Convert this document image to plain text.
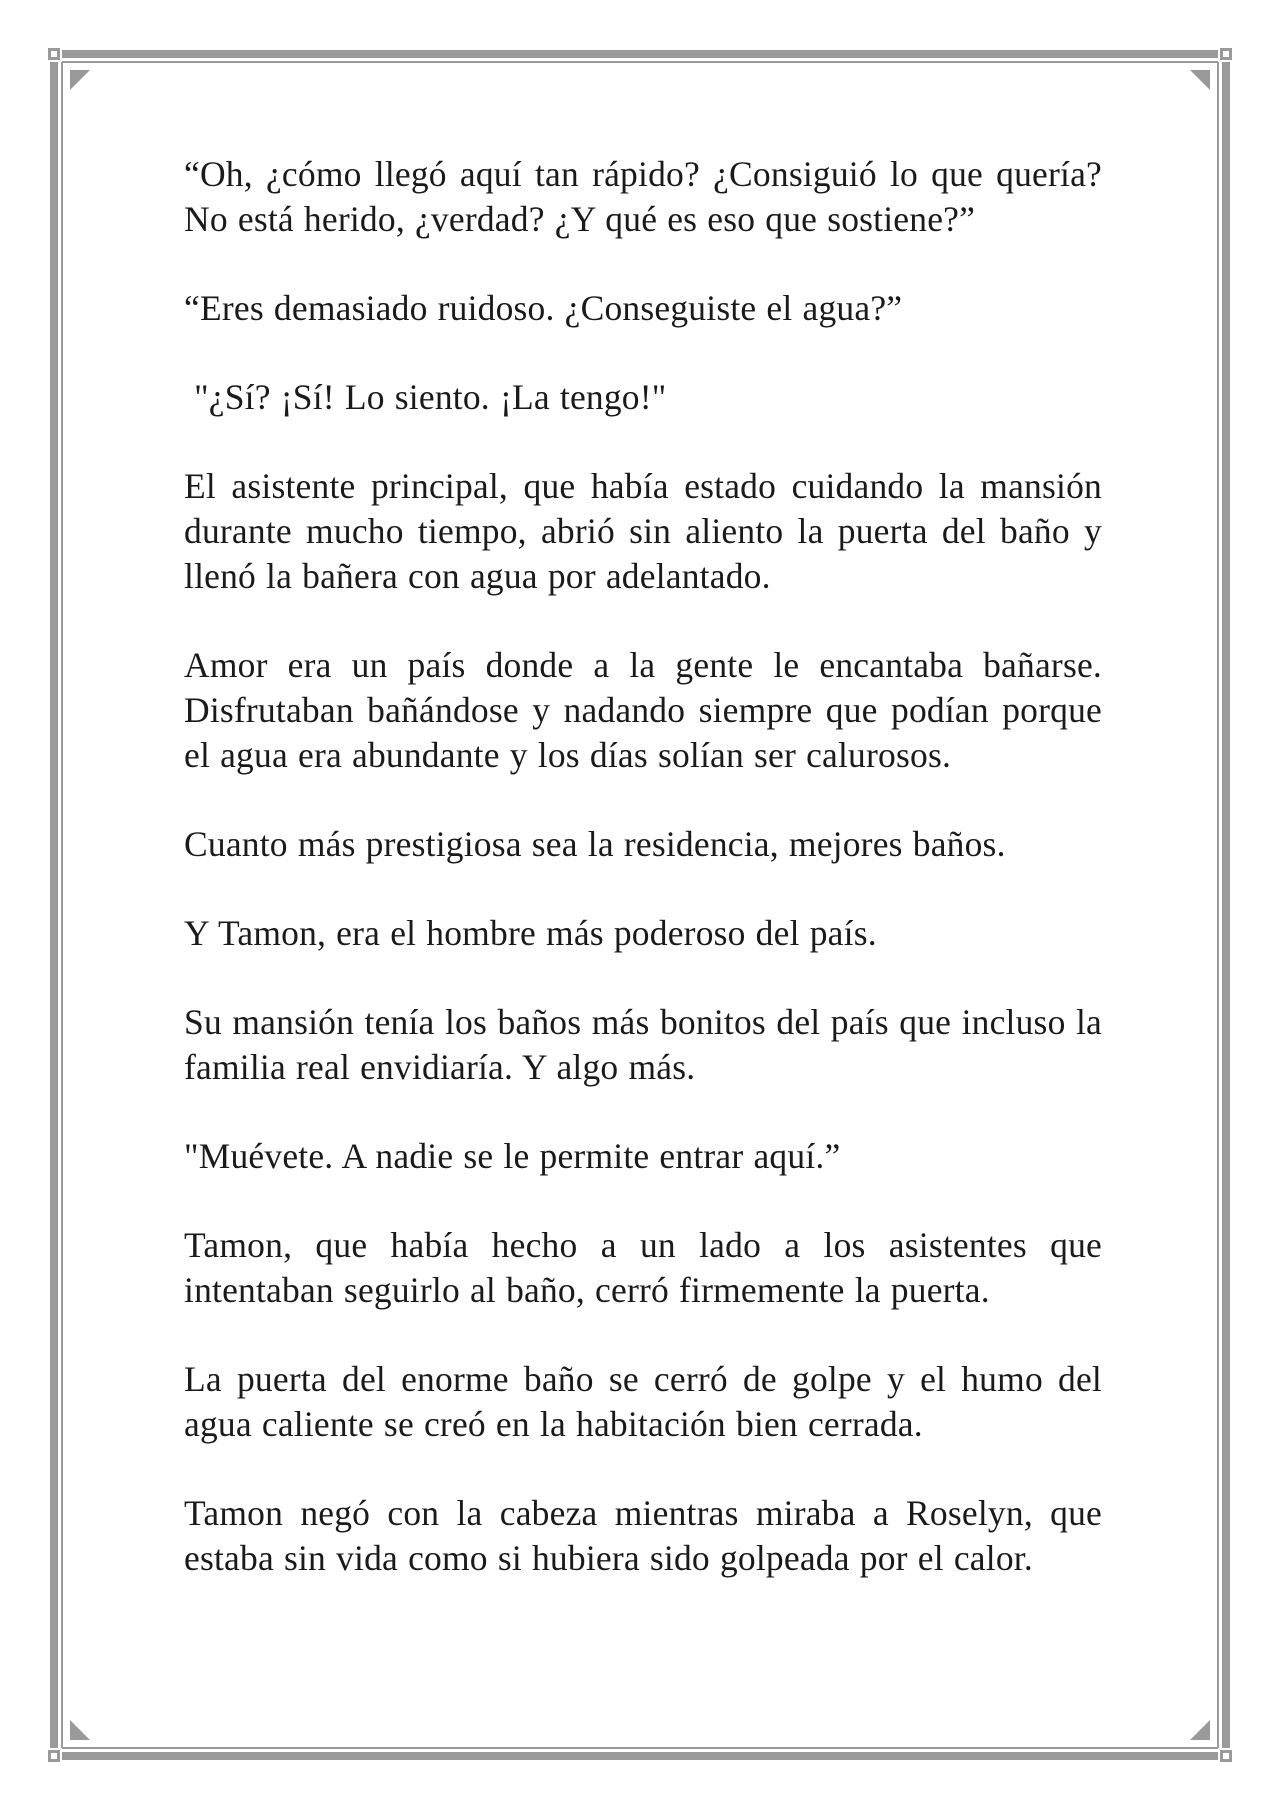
“Oh, ¿cómo llegó aquí tan rápido? ¿Consiguió lo que quería? No está herido, ¿verdad? ¿Y qué es eso que sostiene?”

“Eres demasiado ruidoso. ¿Conseguiste el agua?”

"¿Sí? ¡Sí! Lo siento. ¡La tengo!"

El asistente principal, que había estado cuidando la mansión durante mucho tiempo, abrió sin aliento la puerta del baño y llenó la bañera con agua por adelantado.

Amor era un país donde a la gente le encantaba bañarse. Disfrutaban bañándose y nadando siempre que podían porque el agua era abundante y los días solían ser calurosos.

Cuanto más prestigiosa sea la residencia, mejores baños.

Y Tamon, era el hombre más poderoso del país.

Su mansión tenía los baños más bonitos del país que incluso la familia real envidiaría. Y algo más.

"Muévete. A nadie se le permite entrar aquí.”

Tamon, que había hecho a un lado a los asistentes que intentaban seguirlo al baño, cerró firmemente la puerta.

La puerta del enorme baño se cerró de golpe y el humo del agua caliente se creó en la habitación bien cerrada.

Tamon negó con la cabeza mientras miraba a Roselyn, que estaba sin vida como si hubiera sido golpeada por el calor.
